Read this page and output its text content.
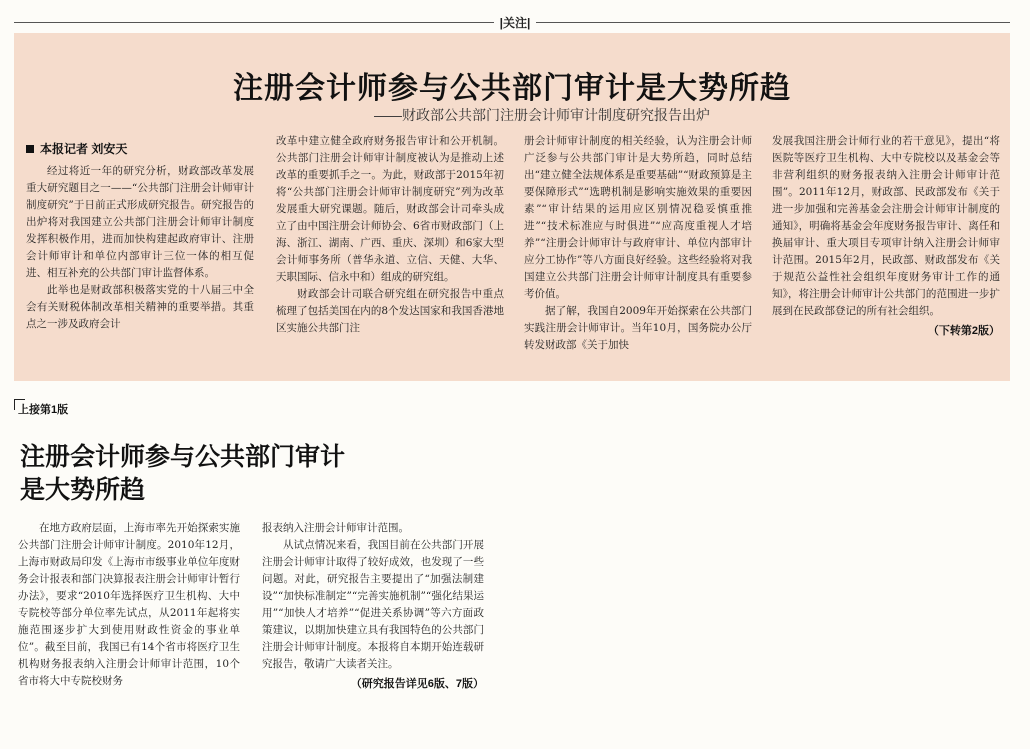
|关注|
注册会计师参与公共部门审计是大势所趋
——财政部公共部门注册会计师审计制度研究报告出炉
本报记者 刘安天

经过将近一年的研究分析，财政部改革发展重大研究题目之一——“公共部门注册会计师审计制度研究”于日前正式形成研究报告。研究报告的出炉将对我国建立公共部门注册会计师审计制度发挥积极作用，进而加快构建起政府审计、注册会计师审计和单位内部审计三位一体的相互促进、相互补充的公共部门审计监督体系。

此举也是财政部积极落实党的十八届三中全会有关财税体制改革相关精神的重要举措。其重点之一涉及政府会计

改革中建立健全政府财务报告审计和公开机制。公共部门注册会计师审计制度被认为是推动上述改革的重要抓手之一。为此，财政部于2015年初将“公共部门注册会计师审计制度研究”列为改革发展重大研究课题。随后，财政部会计司牵头成立了由中国注册会计师协会、6省市财政部门（上海、浙江、湖南、广西、重庆、深圳）和6家大型会计师事务所（普华永道、立信、天健、大华、天职国际、信永中和）组成的研究组。

财政部会计司联合研究组在研究报告中重点梳理了包括美国在内的8个发达国家和我国香港地区实施公共部门注

册会计师审计制度的相关经验，认为注册会计师广泛参与公共部门审计是大势所趋，同时总结出“建立健全法规体系是重要基础”“财政预算是主要保障形式”“选聘机制是影响实施效果的重要因素”“审计结果的运用应区别情况稳妥慎重推进”“技术标准应与时俱进”“应高度重视人才培养”“注册会计师审计与政府审计、单位内部审计应分工协作”等八方面良好经验。这些经验将对我国建立公共部门注册会计师审计制度具有重要参考价值。

据了解，我国自2009年开始探索在公共部门实践注册会计师审计。当年10月，国务院办公厅转发财政部《关于加快

发展我国注册会计师行业的若干意见》，提出“将医院等医疗卫生机构、大中专院校以及基金会等非营利组织的财务报表纳入注册会计师审计范围”。2011年12月，财政部、民政部发布《关于进一步加强和完善基金会注册会计师审计制度的通知》，明确将基金会年度财务报告审计、离任和换届审计、重大项目专项审计纳入注册会计师审计范围。2015年2月，民政部、财政部发布《关于规范公益性社会组织年度财务审计工作的通知》，将注册会计师审计公共部门的范围进一步扩展到在民政部登记的所有社会组织。

（下转第2版）
上接第1版
注册会计师参与公共部门审计
是大势所趋

在地方政府层面，上海市率先开始探索实施公共部门注册会计师审计制度。2010年12月，上海市财政局印发《上海市市级事业单位年度财务会计报表和部门决算报表注册会计师审计暂行办法》，要求“2010年选择医疗卫生机构、大中专院校等部分单位率先试点，从2011年起将实施范围逐步扩大到使用财政性资金的事业单位”。截至目前，我国已有14个省市将医疗卫生机构财务报表纳入注册会计师审计范围，10个省市将大中专院校财务

报表纳入注册会计师审计范围。

从试点情况来看，我国目前在公共部门开展注册会计师审计取得了较好成效，也发现了一些问题。对此，研究报告主要提出了“加强法制建设”“加快标准制定”“完善实施机制”“强化结果运用”“加快人才培养”“促进关系协调”等六方面政策建议，以期加快建立具有我国特色的公共部门注册会计师审计制度。本报将自本期开始连载研究报告，敬请广大读者关注。

（研究报告详见6版、7版）
